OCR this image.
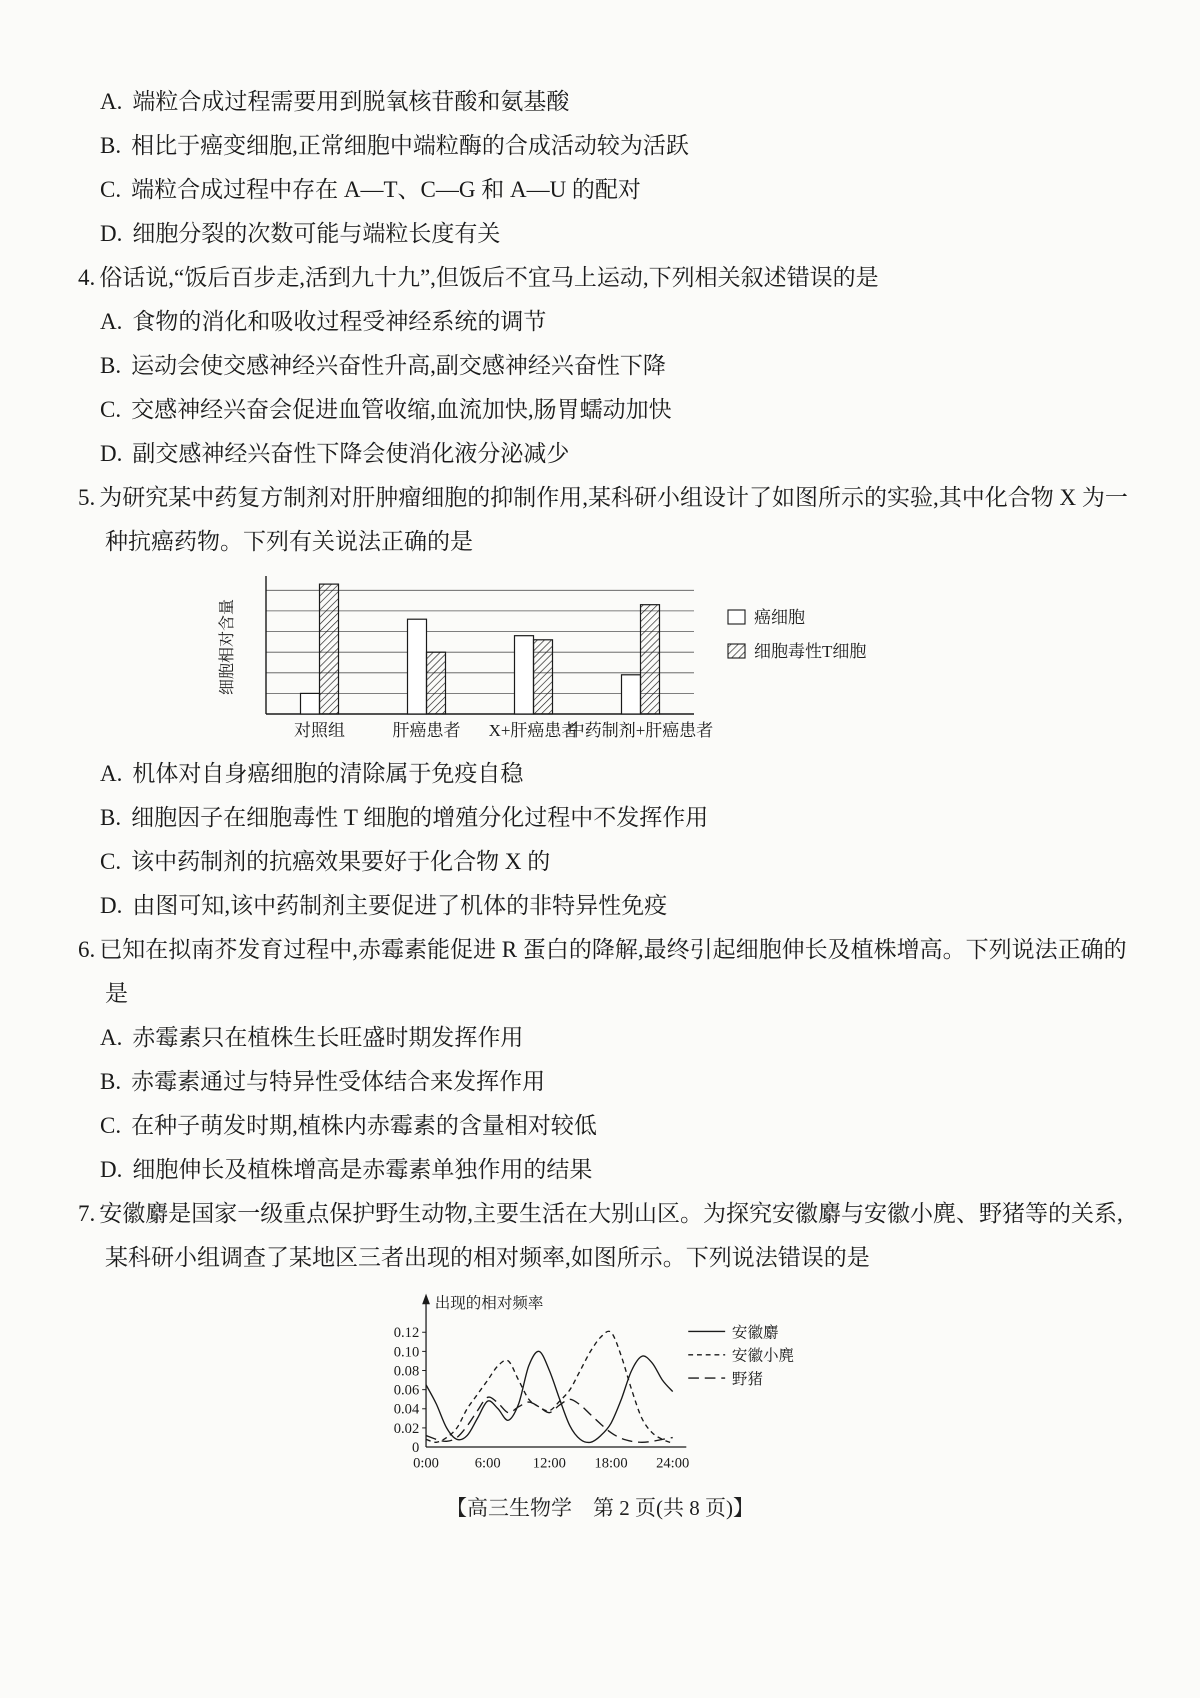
A. 端粒合成过程需要用到脱氧核苷酸和氨基酸
B. 相比于癌变细胞,正常细胞中端粒酶的合成活动较为活跃
C. 端粒合成过程中存在 A—T、C—G 和 A—U 的配对
D. 细胞分裂的次数可能与端粒长度有关
4. 俗话说,“饭后百步走,活到九十九”,但饭后不宜马上运动,下列相关叙述错误的是
A. 食物的消化和吸收过程受神经系统的调节
B. 运动会使交感神经兴奋性升高,副交感神经兴奋性下降
C. 交感神经兴奋会促进血管收缩,血流加快,肠胃蠕动加快
D. 副交感神经兴奋性下降会使消化液分泌减少
5. 为研究某中药复方制剂对肝肿瘤细胞的抑制作用,某科研小组设计了如图所示的实验,其中化合物 X 为一种抗癌药物。下列有关说法正确的是
细胞相对含量
对照组	肝癌患者 X+肝癌患者
中药制剂+肝癌患者
癌细胞
细胞毒性T细胞
A. 机体对自身癌细胞的清除属于免疫自稳
B. 细胞因子在细胞毒性 T 细胞的增殖分化过程中不发挥作用
C. 该中药制剂的抗癌效果要好于化合物 X 的
D. 由图可知,该中药制剂主要促进了机体的非特异性免疫
6. 已知在拟南芥发育过程中,赤霉素能促进 R 蛋白的降解,最终引起细胞伸长及植株增高。下列说法正确的是
A. 赤霉素只在植株生长旺盛时期发挥作用
B. 赤霉素通过与特异性受体结合来发挥作用
C. 在种子萌发时期,植株内赤霉素的含量相对较低
D. 细胞伸长及植株增高是赤霉素单独作用的结果
7. 安徽麝是国家一级重点保护野生动物,主要生活在大别山区。为探究安徽麝与安徽小麂、野猪等的关系,某科研小组调查了某地区三者出现的相对频率,如图所示。下列说法错误的是
出现的相对频率
0.12
0.10
0.08
0.06
0.04
0.02
0
0:00 6:00 12:00 18:00 24:00
安徽麝
安徽小麂
野猪
【高三生物学　第 2 页(共 8 页)】
